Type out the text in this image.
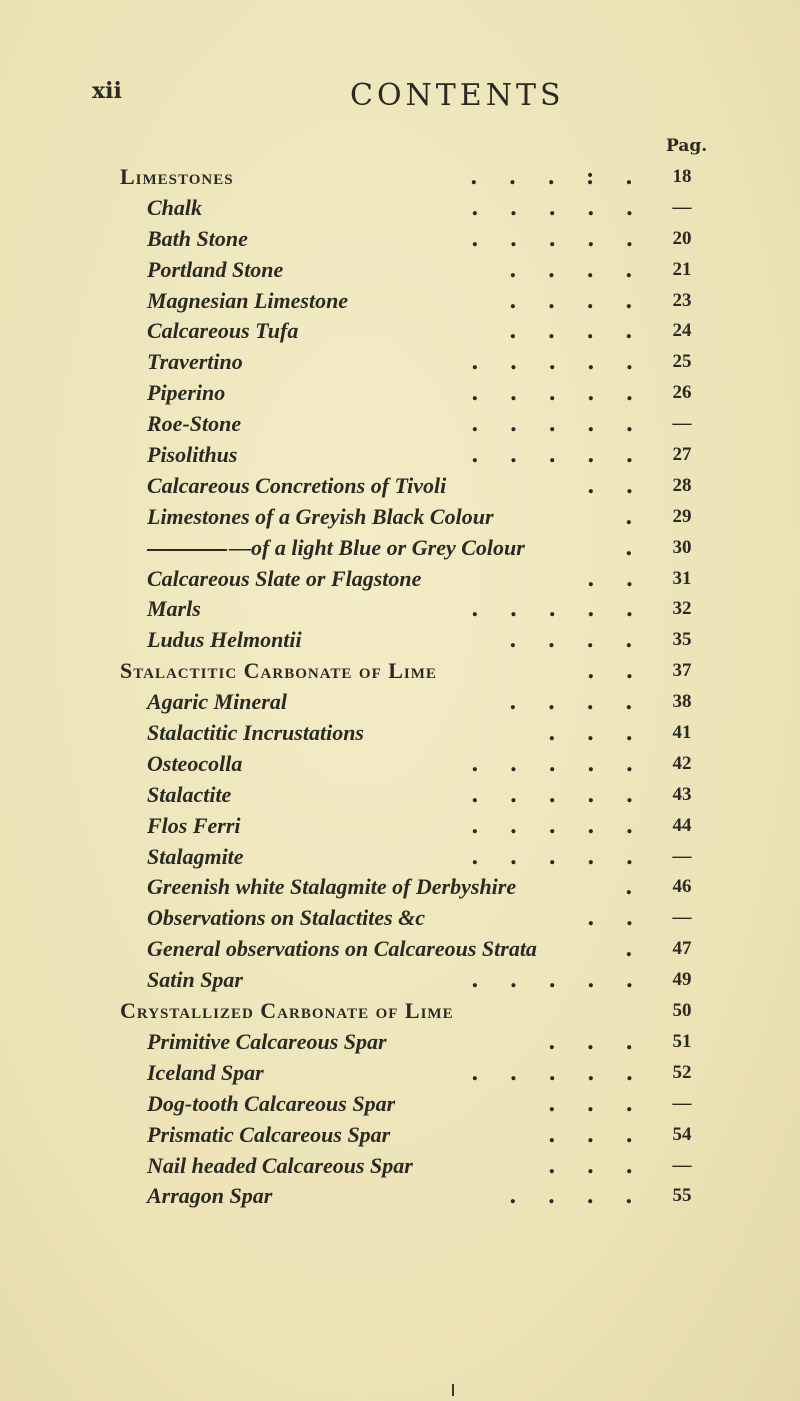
xii	CONTENTS
Pag.
Limestones	18
...:.
Chalk	—
.....
Bath Stone	20
.....
Portland Stone	21
....
Magnesian Limestone	23
....
Calcareous Tufa	24
....
Travertino	25
.....
Piperino	26
.....
Roe-Stone	—
.....
Pisolithus	27
.....
Calcareous Concretions of Tivoli	28
..
Limestones of a Greyish Black Colour	29
.
—of a light Blue or Grey Colour	30
.
Calcareous Slate or Flagstone	31
..
Marls	32
.....
Ludus Helmontii	35
....
Stalactitic Carbonate of Lime	37
..
Agaric Mineral	38
....
Stalactitic Incrustations	41
...
Osteocolla	42
.....
Stalactite	43
.....
Flos Ferri	44
.....
Stalagmite	—
.....
Greenish white Stalagmite of Derbyshire	46
.
Observations on Stalactites &c	—
..
General observations on Calcareous Strata	47
.
Satin Spar	49
.....
Crystallized Carbonate of Lime	50
Primitive Calcareous Spar	51
...
Iceland Spar	52
.....
Dog-tooth Calcareous Spar	—
...
Prismatic Calcareous Spar	54
...
Nail headed Calcareous Spar	—
...
Arragon Spar	55
....
